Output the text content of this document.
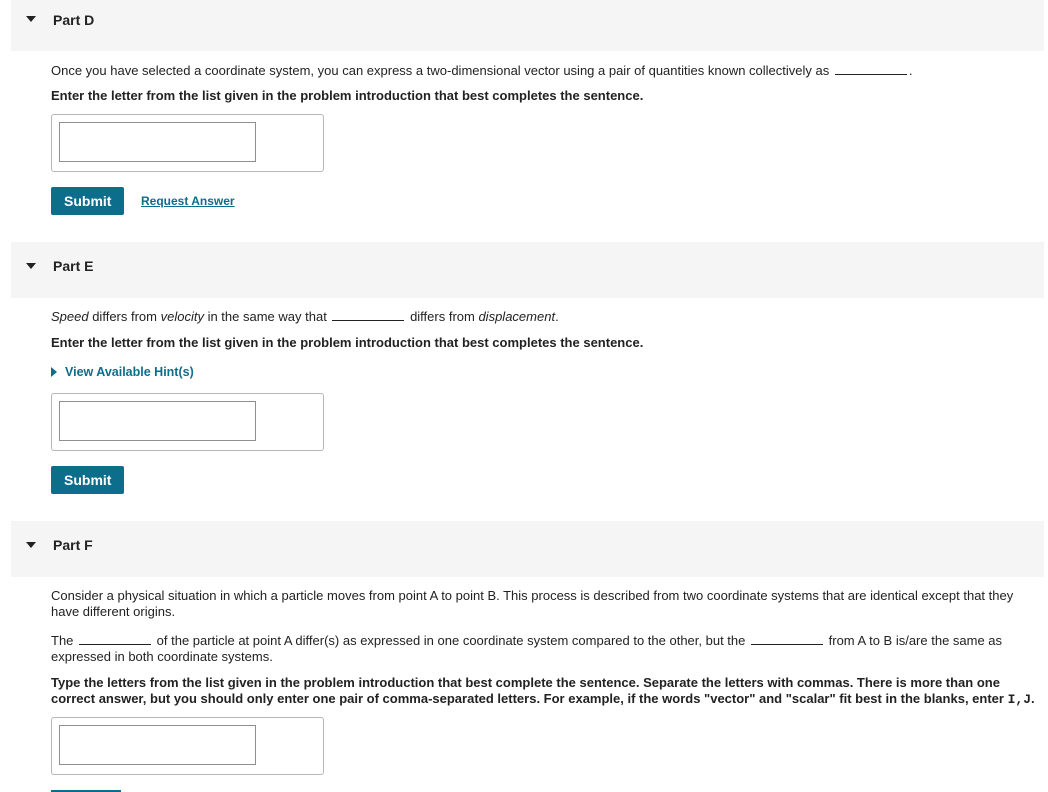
Part D
Once you have selected a coordinate system, you can express a two-dimensional vector using a pair of quantities known collectively as	.
Enter the letter from the list given in the problem introduction that best completes the sentence.
Submit	Request Answer
Part E
Speed differs from velocity in the same way that	differs from displacement.
Enter the letter from the list given in the problem introduction that best completes the sentence.
View Available Hint(s)
Submit
Part F
Consider a physical situation in which a particle moves from point A to point B. This process is described from two coordinate systems that are identical except that they have different origins.
The	of the particle at point A differ(s) as expressed in one coordinate system compared to the other, but the	from A to B is/are the same as expressed in both coordinate systems.
Type the letters from the list given in the problem introduction that best complete the sentence. Separate the letters with commas. There is more than one correct answer, but you should only enter one pair of comma-separated letters. For example, if the words "vector" and "scalar" fit best in the blanks, enter I,J.
